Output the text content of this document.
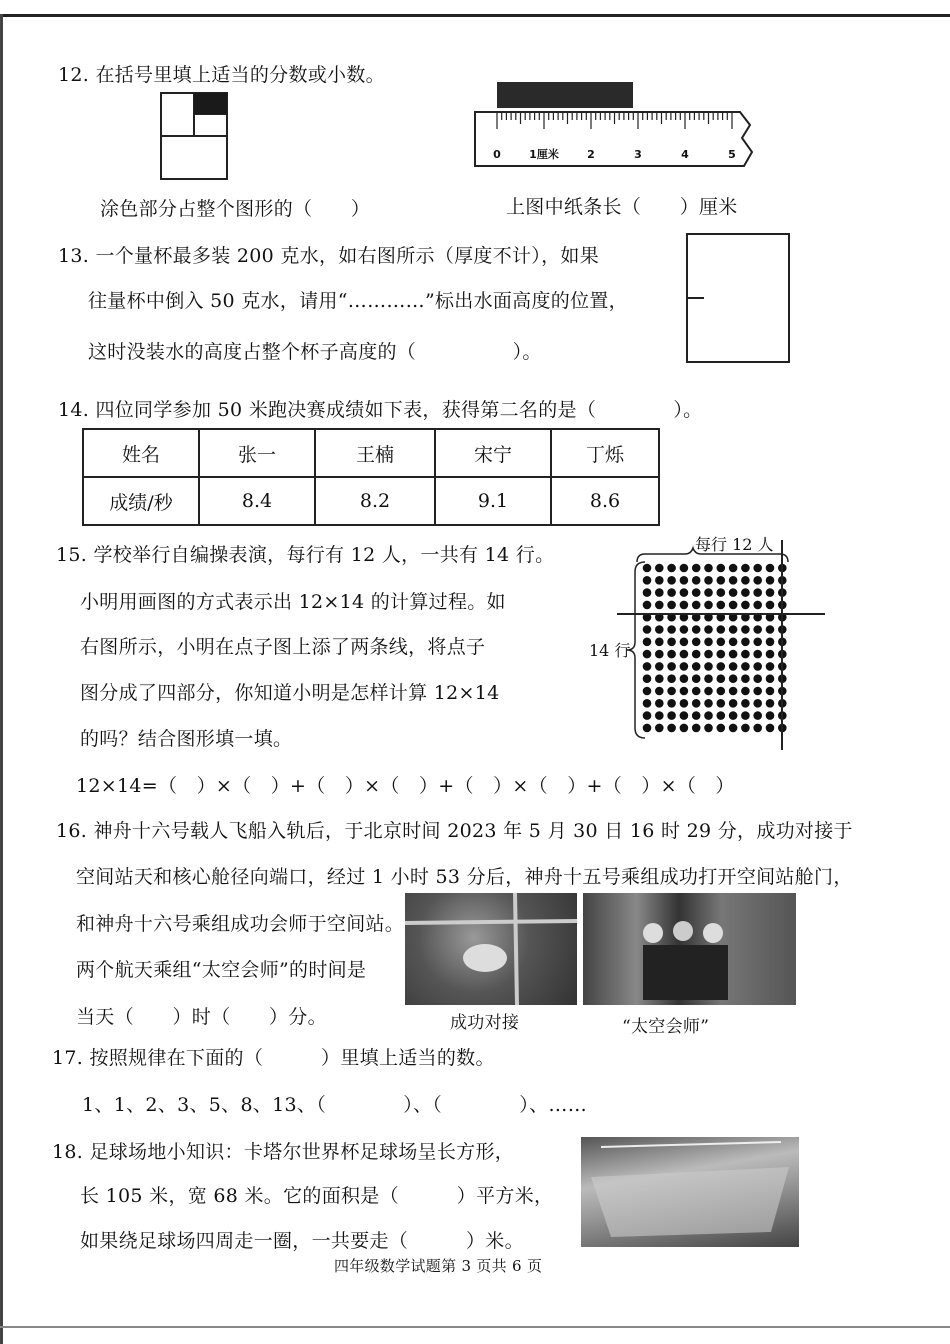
12. 在括号里填上适当的分数或小数。
0	1厘米	2	3	4	5
涂色部分占整个图形的（　　）	上图中纸条长（　　）厘米
13. 一个量杯最多装 200 克水，如右图所示（厚度不计），如果
往量杯中倒入 50 克水，请用“…………”标出水面高度的位置，
这时没装水的高度占整个杯子高度的（　　　　　）。
14. 四位同学参加 50 米跑决赛成绩如下表，获得第二名的是（　　　　）。
姓名	张一	王楠	宋宁	丁烁
成绩/秒	8.4	8.2	9.1	8.6
15. 学校举行自编操表演，每行有 12 人，一共有 14 行。
小明用画图的方式表示出 12×14 的计算过程。如
右图所示，小明在点子图上添了两条线，将点子
图分成了四部分，你知道小明是怎样计算 12×14
的吗？结合图形填一填。
12×14=（　）×（　）+（　）×（　）+（　）×（　）+（　）×（　）
每行 12 人
14 行
16. 神舟十六号载人飞船入轨后，于北京时间 2023 年 5 月 30 日 16 时 29 分，成功对接于
空间站天和核心舱径向端口，经过 1 小时 53 分后，神舟十五号乘组成功打开空间站舱门，
和神舟十六号乘组成功会师于空间站。
两个航天乘组“太空会师”的时间是
当天（　　）时（　　）分。	成功对接	“太空会师”
17. 按照规律在下面的（　　　）里填上适当的数。
1、1、2、3、5、8、13、（　　　　）、（　　　　）、……
18. 足球场地小知识：卡塔尔世界杯足球场呈长方形，
长 105 米，宽 68 米。它的面积是（　　　）平方米，
如果绕足球场四周走一圈，一共要走（　　　）米。
四年级数学试题第 3 页共 6 页
